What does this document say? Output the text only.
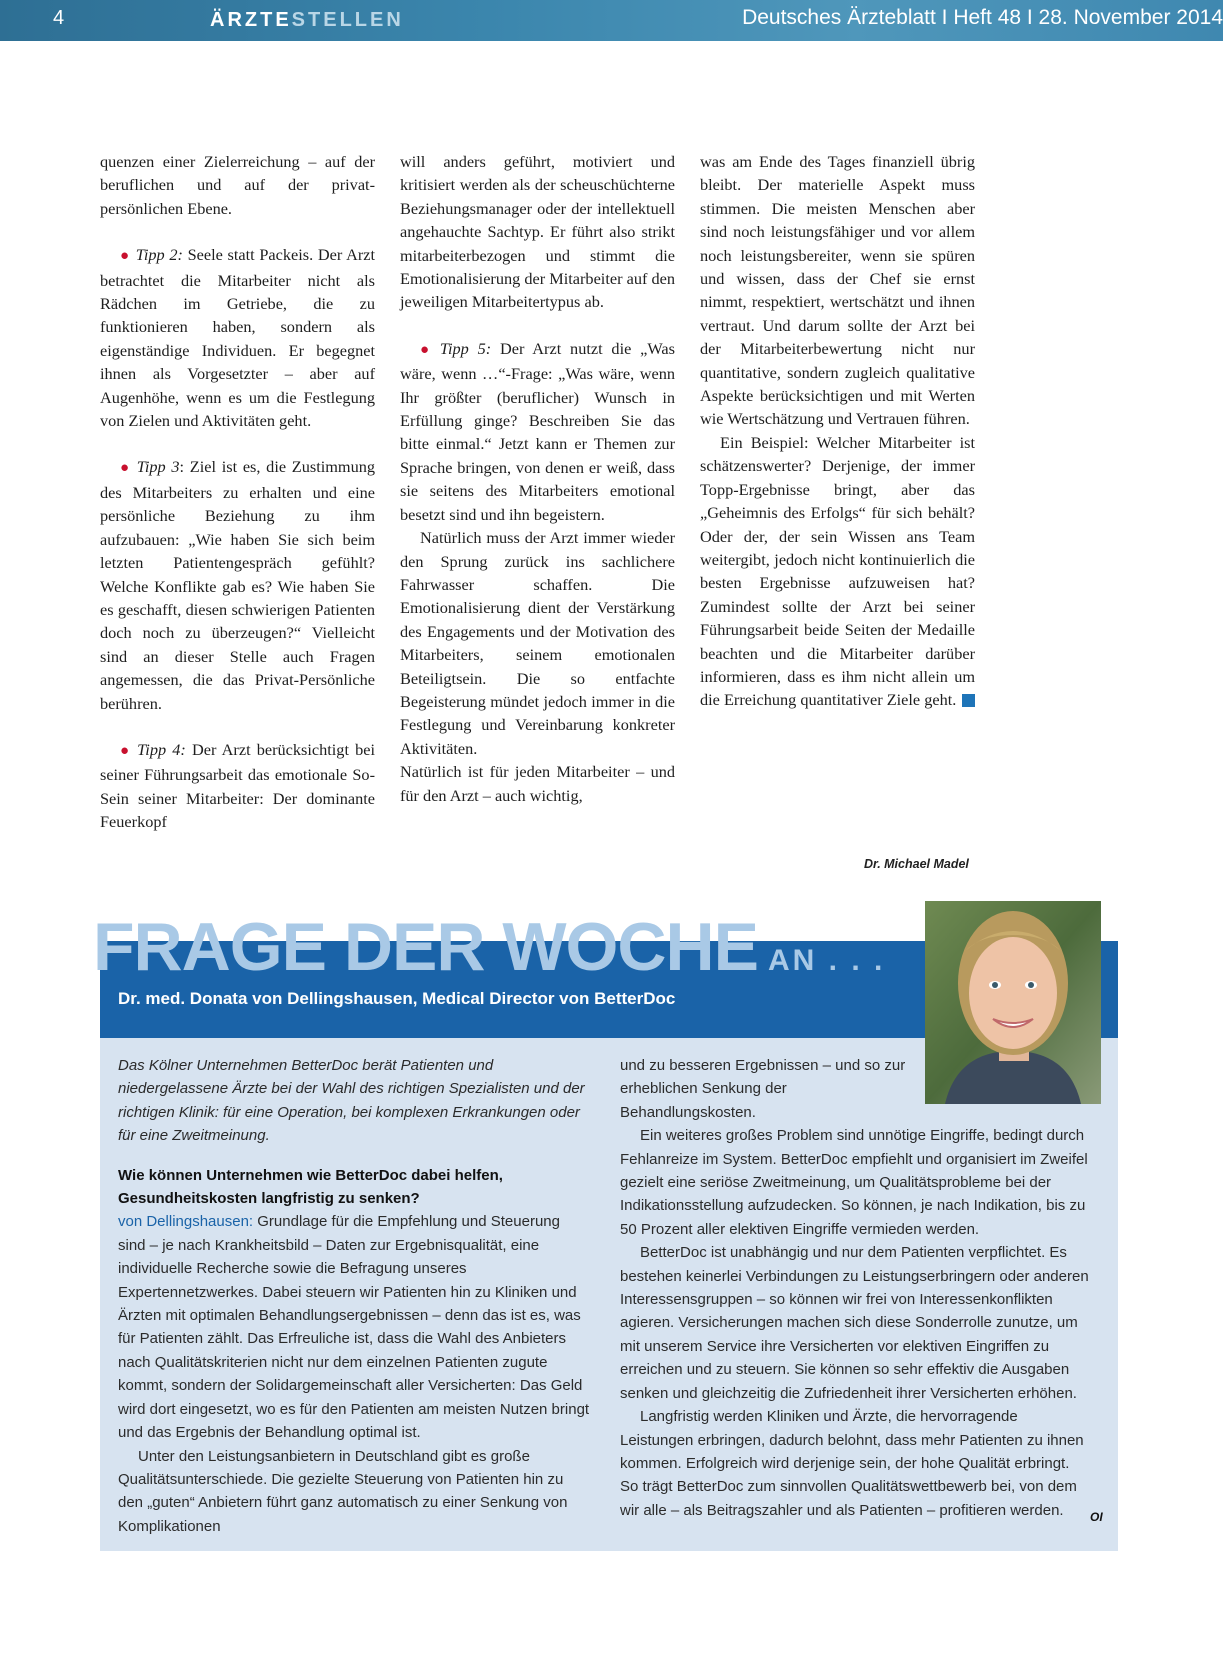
4	ÄRZTESTELLEN	Deutsches Ärzteblatt I Heft 48 I 28. November 2014

quenzen einer Zielerreichung – auf der beruflichen und auf der privat-persönlichen Ebene.

● Tipp 2: Seele statt Packeis. Der Arzt betrachtet die Mitarbeiter nicht als Rädchen im Getriebe, die zu funktionieren haben, sondern als eigenständige Individuen. Er begegnet ihnen als Vorgesetzter – aber auf Augenhöhe, wenn es um die Festlegung von Zielen und Aktivitäten geht.

● Tipp 3: Ziel ist es, die Zustimmung des Mitarbeiters zu erhalten und eine persönliche Beziehung zu ihm aufzubauen: „Wie haben Sie sich beim letzten Patientengespräch gefühlt? Welche Konflikte gab es? Wie haben Sie es geschafft, diesen schwierigen Patienten doch noch zu überzeugen?“ Vielleicht sind an dieser Stelle auch Fragen angemessen, die das Privat-Persönliche berühren.

● Tipp 4: Der Arzt berücksichtigt bei seiner Führungsarbeit das emotionale So-Sein seiner Mitarbeiter: Der dominante Feuerkopf

will anders geführt, motiviert und kritisiert werden als der scheuschüchterne Beziehungsmanager oder der intellektuell angehauchte Sachtyp. Er führt also strikt mitarbeiterbezogen und stimmt die Emotionalisierung der Mitarbeiter auf den jeweiligen Mitarbeitertypus ab.

● Tipp 5: Der Arzt nutzt die „Was wäre, wenn …“-Frage: „Was wäre, wenn Ihr größter (beruflicher) Wunsch in Erfüllung ginge? Beschreiben Sie das bitte einmal.“ Jetzt kann er Themen zur Sprache bringen, von denen er weiß, dass sie seitens des Mitarbeiters emotional besetzt sind und ihn begeistern.

Natürlich muss der Arzt immer wieder den Sprung zurück ins sachlichere Fahrwasser schaffen. Die Emotionalisierung dient der Verstärkung des Engagements und der Motivation des Mitarbeiters, seinem emotionalen Beteiligtsein. Die so entfachte Begeisterung mündet jedoch immer in die Festlegung und Vereinbarung konkreter Aktivitäten.

Natürlich ist für jeden Mitarbeiter – und für den Arzt – auch wichtig,

was am Ende des Tages finanziell übrig bleibt. Der materielle Aspekt muss stimmen. Die meisten Menschen aber sind noch leistungsfähiger und vor allem noch leistungsbereiter, wenn sie spüren und wissen, dass der Chef sie ernst nimmt, respektiert, wertschätzt und ihnen vertraut. Und darum sollte der Arzt bei der Mitarbeiterbewertung nicht nur quantitative, sondern zugleich qualitative Aspekte berücksichtigen und mit Werten wie Wertschätzung und Vertrauen führen.

Ein Beispiel: Welcher Mitarbeiter ist schätzenswerter? Derjenige, der immer Topp-Ergebnisse bringt, aber das „Geheimnis des Erfolgs“ für sich behält? Oder der, der sein Wissen ans Team weitergibt, jedoch nicht kontinuierlich die besten Ergebnisse aufzuweisen hat? Zumindest sollte der Arzt bei seiner Führungsarbeit beide Seiten der Medaille beachten und die Mitarbeiter darüber informieren, dass es ihm nicht allein um die Erreichung quantitativer Ziele geht.

Dr. Michael Madel
FRAGE DER WOCHE AN . . .
Dr. med. Donata von Dellingshausen, Medical Director von BetterDoc

Das Kölner Unternehmen BetterDoc berät Patienten und niedergelassene Ärzte bei der Wahl des richtigen Spezialisten und der richtigen Klinik: für eine Operation, bei komplexen Erkrankungen oder für eine Zweitmeinung.

Wie können Unternehmen wie BetterDoc dabei helfen, Gesundheitskosten langfristig zu senken?

von Dellingshausen: Grundlage für die Empfehlung und Steuerung sind – je nach Krankheitsbild – Daten zur Ergebnisqualität, eine individuelle Recherche sowie die Befragung unseres Expertennetzwerkes. Dabei steuern wir Patienten hin zu Kliniken und Ärzten mit optimalen Behandlungsergebnissen – denn das ist es, was für Patienten zählt. Das Erfreuliche ist, dass die Wahl des Anbieters nach Qualitätskriterien nicht nur dem einzelnen Patienten zugute kommt, sondern der Solidargemeinschaft aller Versicherten: Das Geld wird dort eingesetzt, wo es für den Patienten am meisten Nutzen bringt und das Ergebnis der Behandlung optimal ist.

Unter den Leistungsanbietern in Deutschland gibt es große Qualitätsunterschiede. Die gezielte Steuerung von Patienten hin zu den „guten“ Anbietern führt ganz automatisch zu einer Senkung von Komplikationen

und zu besseren Ergebnissen – und so zur erheblichen Senkung der Behandlungskosten.

Ein weiteres großes Problem sind unnötige Eingriffe, bedingt durch Fehlanreize im System. BetterDoc empfiehlt und organisiert im Zweifel gezielt eine seriöse Zweitmeinung, um Qualitätsprobleme bei der Indikationsstellung aufzudecken. So können, je nach Indikation, bis zu 50 Prozent aller elektiven Eingriffe vermieden werden.

BetterDoc ist unabhängig und nur dem Patienten verpflichtet. Es bestehen keinerlei Verbindungen zu Leistungserbringern oder anderen Interessensgruppen – so können wir frei von Interessenkonflikten agieren. Versicherungen machen sich diese Sonderrolle zunutze, um mit unserem Service ihre Versicherten vor elektiven Eingriffen zu erreichen und zu steuern. Sie können so sehr effektiv die Ausgaben senken und gleichzeitig die Zufriedenheit ihrer Versicherten erhöhen.

Langfristig werden Kliniken und Ärzte, die hervorragende Leistungen erbringen, dadurch belohnt, dass mehr Patienten zu ihnen kommen. Erfolgreich wird derjenige sein, der hohe Qualität erbringt. So trägt BetterDoc zum sinnvollen Qualitätswettbewerb bei, von dem wir alle – als Beitragszahler und als Patienten – profitieren werden.	OI
